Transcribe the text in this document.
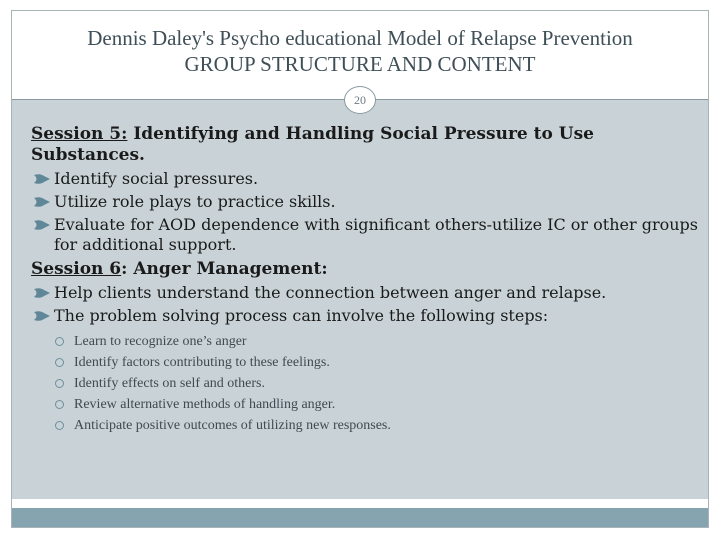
Dennis Daley's Psycho educational Model of Relapse Prevention
GROUP STRUCTURE AND CONTENT
20

Session 5: Identifying and Handling Social Pressure to Use Substances.

Identify social pressures.

Utilize role plays to practice skills.

Evaluate for AOD dependence with significant others-utilize IC or other groups for additional support.

Session 6: Anger Management:

Help clients understand the connection between anger and relapse.

The problem solving process can involve the following steps:

Learn to recognize one’s anger

Identify factors contributing to these feelings.

Identify effects on self and others.

Review alternative methods of handling anger.

Anticipate positive outcomes of utilizing new responses.
